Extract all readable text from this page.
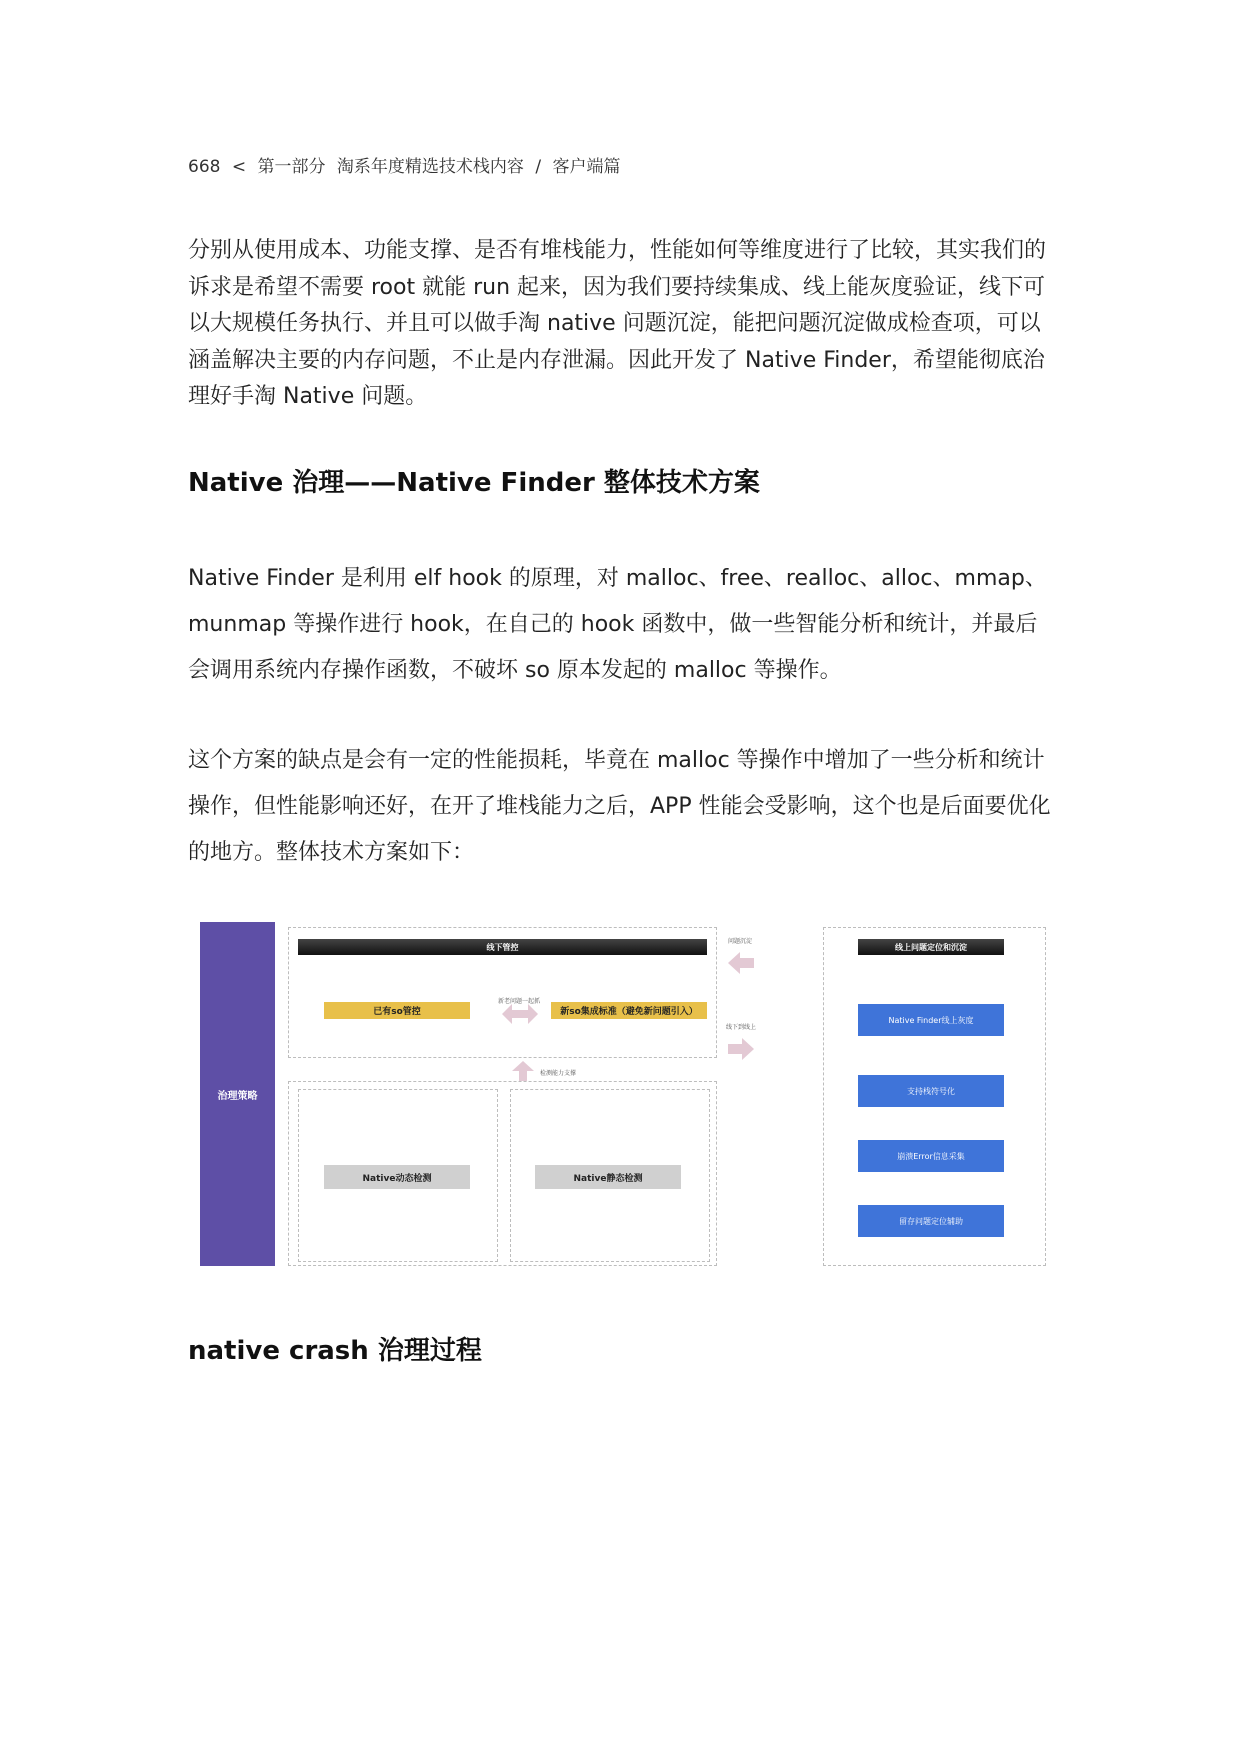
668 < 第一部分 淘系年度精选技术栈内容 / 客户端篇

分别从使用成本、功能支撑、是否有堆栈能力，性能如何等维度进行了比较，其实我们的诉求是希望不需要 root 就能 run 起来，因为我们要持续集成、线上能灰度验证，线下可以大规模任务执行、并且可以做手淘 native 问题沉淀，能把问题沉淀做成检查项，可以涵盖解决主要的内存问题，不止是内存泄漏。因此开发了 Native Finder，希望能彻底治理好手淘 Native 问题。

Native 治理——Native Finder 整体技术方案

Native Finder 是利用 elf hook 的原理，对 malloc、free、realloc、alloc、mmap、munmap 等操作进行 hook，在自己的 hook 函数中，做一些智能分析和统计，并最后会调用系统内存操作函数，不破坏 so 原本发起的 malloc 等操作。

这个方案的缺点是会有一定的性能损耗，毕竟在 malloc 等操作中增加了一些分析和统计操作，但性能影响还好，在开了堆栈能力之后，APP 性能会受影响，这个也是后面要优化的地方。整体技术方案如下：

治理策略
线下管控
已有so管控
新老问题一起抓
新so集成标准（避免新问题引入）
检测能力支撑
Native动态检测	Native静态检测
问题沉淀
线下到线上
线上问题定位和沉淀
Native Finder线上灰度
支持栈符号化
崩溃Error信息采集
留存问题定位辅助
native crash 治理过程
